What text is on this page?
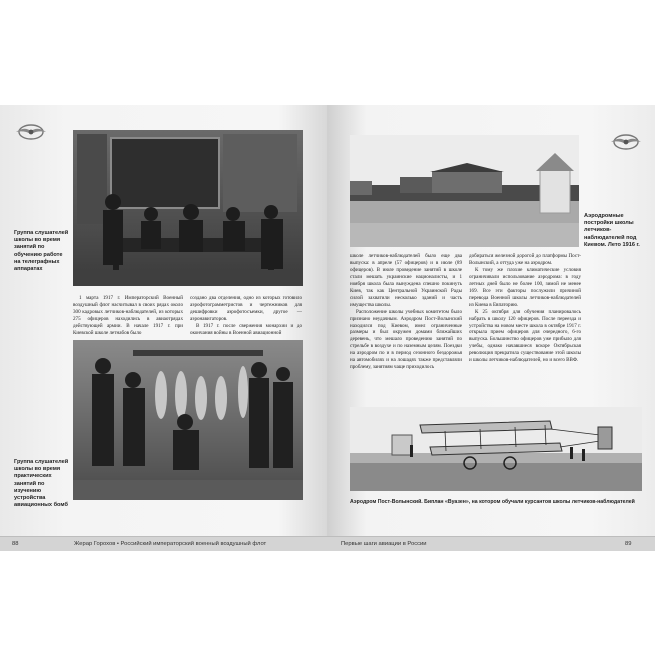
Группа слушателей школы во время занятий по обучению работе на телеграфных аппаратах

1 марта 1917 г. Императорский Военный воздушный флот насчитывал в своих рядах около 300 кадровых летчиков-наблюдателей, из которых 275 офицеров находились в авиаотрядах действующей армии. В начале 1917 г. при Киевской школе летнабов было

создано два отделения, одно из которых готовило аэрофотограмметристов и чертежников для дешифровки аэрофотосъемки, другое — аэронавигаторов.

В 1917 г. после свержения монархии и до окончания войны в Военной авиационной

Группа слушателей школы во время практических занятий по изучению устройства авиационных бомб
88	Жерар Горохов • Российский императорский военный воздушный флот
Аэродромные постройки школы летчиков-наблюдателей под Киевом. Лето 1916 г.

школе летчиков-наблюдателей было еще два выпуска: в апреле (57 офицеров) и в июле (89 офицеров). В июле проведение занятий в школе стали мешать украинские националисты, и 1 ноября школа была вынуждена спешно покинуть Киев, так как Центральной Украинской Рады силой захватили несколько зданий и часть имущества школы.

Расположение школы учебных комитетом было признано неудачным. Аэродром Пост-Волынский находился под Киевом, имел ограниченные размеры и был окружен домами ближайших деревень, что мешало проведению занятий по стрельбе в воздухе и по наземным целям. Поездки на аэродром по и в период сезонного бездорожья на автомобилях и на лошадях также представляли проблему, занятиям чаще приходилось

добираться железной дорогой до платформы Пост-Волынский, а оттуда уже на аэродром.

К тому же плохие климатические условия ограничивали использование аэродрома: в году летных дней было не более 100, зимой не менее 169. Все эти факторы послужили причиной перевода Военной школы летчиков-наблюдателей из Киева в Евпаторию.

К 25 октября для обучения планировалось набрать в школу 120 офицеров. После переезда и устройства на новом месте школа в октябре 1917 г. открыла прием офицеров для очередного, 6-го выпуска. Большинство офицеров уже прибыло для учебы, однако начавшиеся вскоре Октябрьская революция прекратила существование этой школы и школы летчиков-наблюдателей, но и всего ВВФ.

Аэродром Пост-Волынский. Биплан «Вуазен», на котором обучали курсантов школы летчиков-наблюдателей
Первые шаги авиации в России	89
